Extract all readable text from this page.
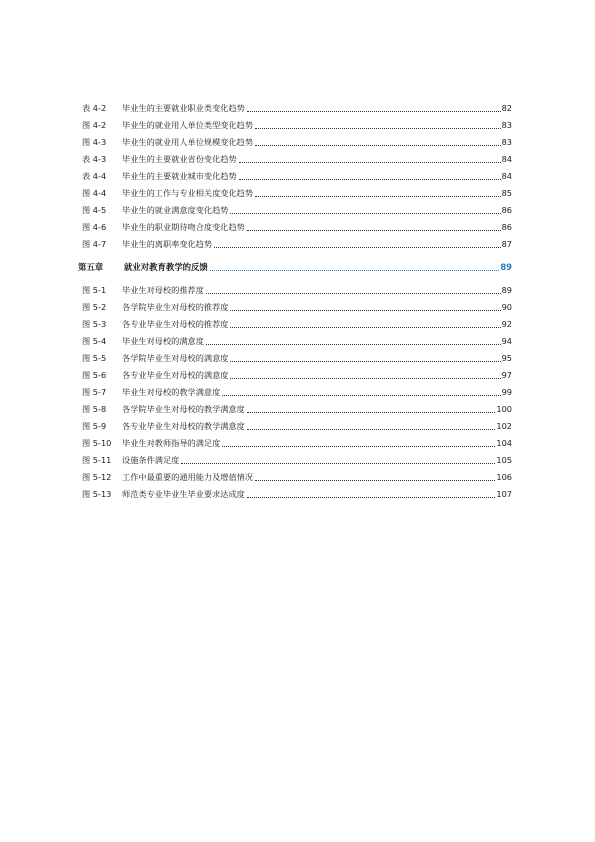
表 4-2	毕业生的主要就业职业类变化趋势	82
图 4-2	毕业生的就业用人单位类型变化趋势	83
图 4-3	毕业生的就业用人单位规模变化趋势	83
表 4-3	毕业生的主要就业省份变化趋势	84
表 4-4	毕业生的主要就业城市变化趋势	84
图 4-4	毕业生的工作与专业相关度变化趋势	85
图 4-5	毕业生的就业满意度变化趋势	86
图 4-6	毕业生的职业期待吻合度变化趋势	86
图 4-7	毕业生的离职率变化趋势	87
第五章	就业对教育教学的反馈	89
图 5-1	毕业生对母校的推荐度	89
图 5-2	各学院毕业生对母校的推荐度	90
图 5-3	各专业毕业生对母校的推荐度	92
图 5-4	毕业生对母校的满意度	94
图 5-5	各学院毕业生对母校的满意度	95
图 5-6	各专业毕业生对母校的满意度	97
图 5-7	毕业生对母校的教学满意度	99
图 5-8	各学院毕业生对母校的教学满意度	100
图 5-9	各专业毕业生对母校的教学满意度	102
图 5-10	毕业生对教师指导的满足度	104
图 5-11	设施条件满足度	105
图 5-12	工作中最重要的通用能力及增值情况	106
图 5-13	师范类专业毕业生毕业要求达成度	107
